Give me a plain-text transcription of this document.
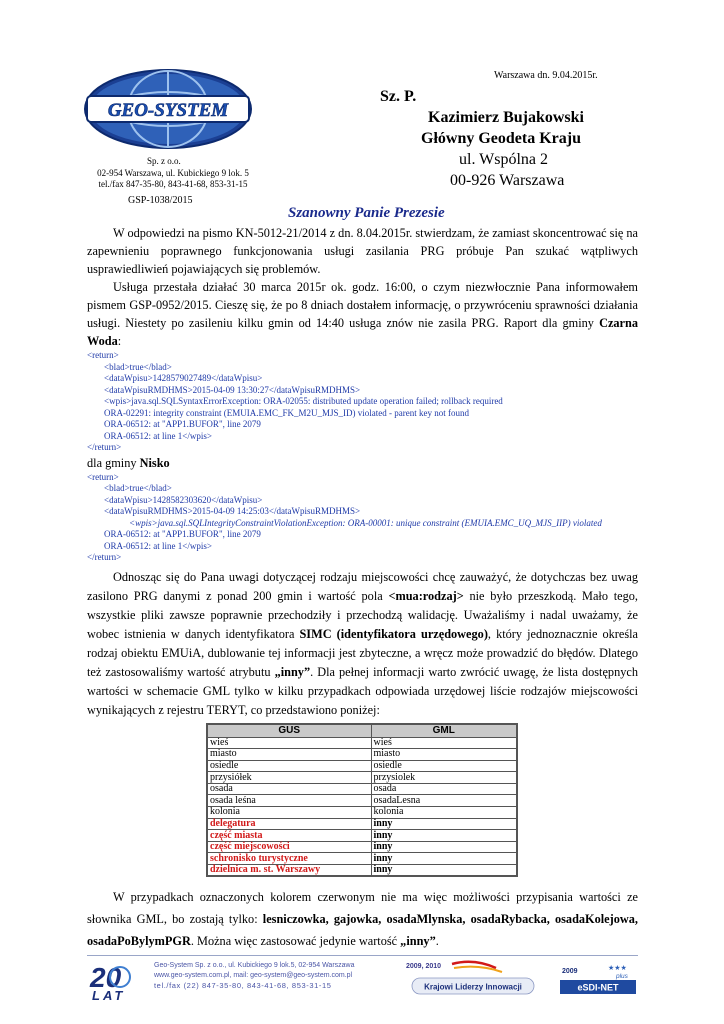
Warszawa dn. 9.04.2015r.
GEO-SYSTEM
Sp. z o.o.
02-954 Warszawa, ul. Kubickiego 9 lok. 5
tel./fax 847-35-80, 843-41-68, 853-31-15
GSP-1038/2015
Sz. P.
Kazimierz Bujakowski
Główny Geodeta Kraju
ul. Wspólna 2
00-926 Warszawa
Szanowny Panie Prezesie
W odpowiedzi na pismo KN-5012-21/2014 z dn. 8.04.2015r. stwierdzam, że zamiast skoncentrować się na zapewnieniu poprawnego funkcjonowania usługi zasilania PRG próbuje Pan szukać wątpliwych usprawiedliwień pojawiających się problemów.
Usługa przestała działać 30 marca 2015r ok. godz. 16:00, o czym niezwłocznie Pana informowałem pismem GSP-0952/2015. Cieszę się, że po 8 dniach dostałem informację, o przywróceniu sprawności działania usługi. Niestety po zasileniu kilku gmin od 14:40 usługa znów nie zasila PRG. Raport dla gminy Czarna Woda:
<return>
<blad>true</blad>
<dataWpisu>1428579027489</dataWpisu>
<dataWpisuRMDHMS>2015-04-09 13:30:27</dataWpisuRMDHMS>
<wpis>java.sql.SQLSyntaxErrorException: ORA-02055: distributed update operation failed; rollback required
ORA-02291: integrity constraint (EMUIA.EMC_FK_M2U_MJS_ID) violated - parent key not found
ORA-06512: at "APP1.BUFOR", line 2079
ORA-06512: at line 1</wpis>
</return>
dla gminy Nisko
<return>
<blad>true</blad>
<dataWpisu>1428582303620</dataWpisu>
<dataWpisuRMDHMS>2015-04-09 14:25:03</dataWpisuRMDHMS>
<wpis>java.sql.SQLIntegrityConstraintViolationException: ORA-00001: unique constraint (EMUIA.EMC_UQ_MJS_IIP) violated
ORA-06512: at "APP1.BUFOR", line 2079
ORA-06512: at line 1</wpis>
</return>
Odnosząc się do Pana uwagi dotyczącej rodzaju miejscowości chcę zauważyć, że dotychczas bez uwag zasilono PRG danymi z ponad 200 gmin i wartość pola <mua:rodzaj> nie było przeszkodą. Mało tego, wszystkie pliki zawsze poprawnie przechodziły i przechodzą walidację. Uważaliśmy i nadal uważamy, że wobec istnienia w danych identyfikatora SIMC (identyfikatora urzędowego), który jednoznacznie określa rodzaj obiektu EMUiA, dublowanie tej informacji jest zbyteczne, a wręcz może prowadzić do błędów. Dlatego też zastosowaliśmy wartość atrybutu „inny”. Dla pełnej informacji warto zwrócić uwagę, że lista dostępnych wartości w schemacie GML tylko w kilku przypadkach odpowiada urzędowej liście rodzajów miejscowości wynikających z rejestru TERYT, co przedstawiono poniżej:
GUS	GML
wieś	wieś
miasto	miasto
osiedle	osiedle
przysiółek	przysiolek
osada	osada
osada leśna	osadaLesna
kolonia	kolonia
delegatura	inny
część miasta	inny
część miejscowości	inny
schronisko turystyczne	inny
dzielnica m. st. Warszawy	inny
W przypadkach oznaczonych kolorem czerwonym nie ma więc możliwości przypisania wartości ze słownika GML, bo zostają tylko: lesniczowka, gajowka, osadaMlynska, osadaRybacka, osadaKolejowa, osadaPoBylymPGR. Można więc zastosować jedynie wartość „inny”.
20
LAT
Geo-System Sp. z o.o., ul. Kubickiego 9 lok.5, 02-954 Warszawa
www.geo-system.com.pl, mail: geo-system@geo-system.com.pl
tel./fax (22) 847-35-80, 843-41-68, 853-31-15
2009, 2010
Krajowi Liderzy Innowacji
2009	★★★
plus
eSDI-NET
